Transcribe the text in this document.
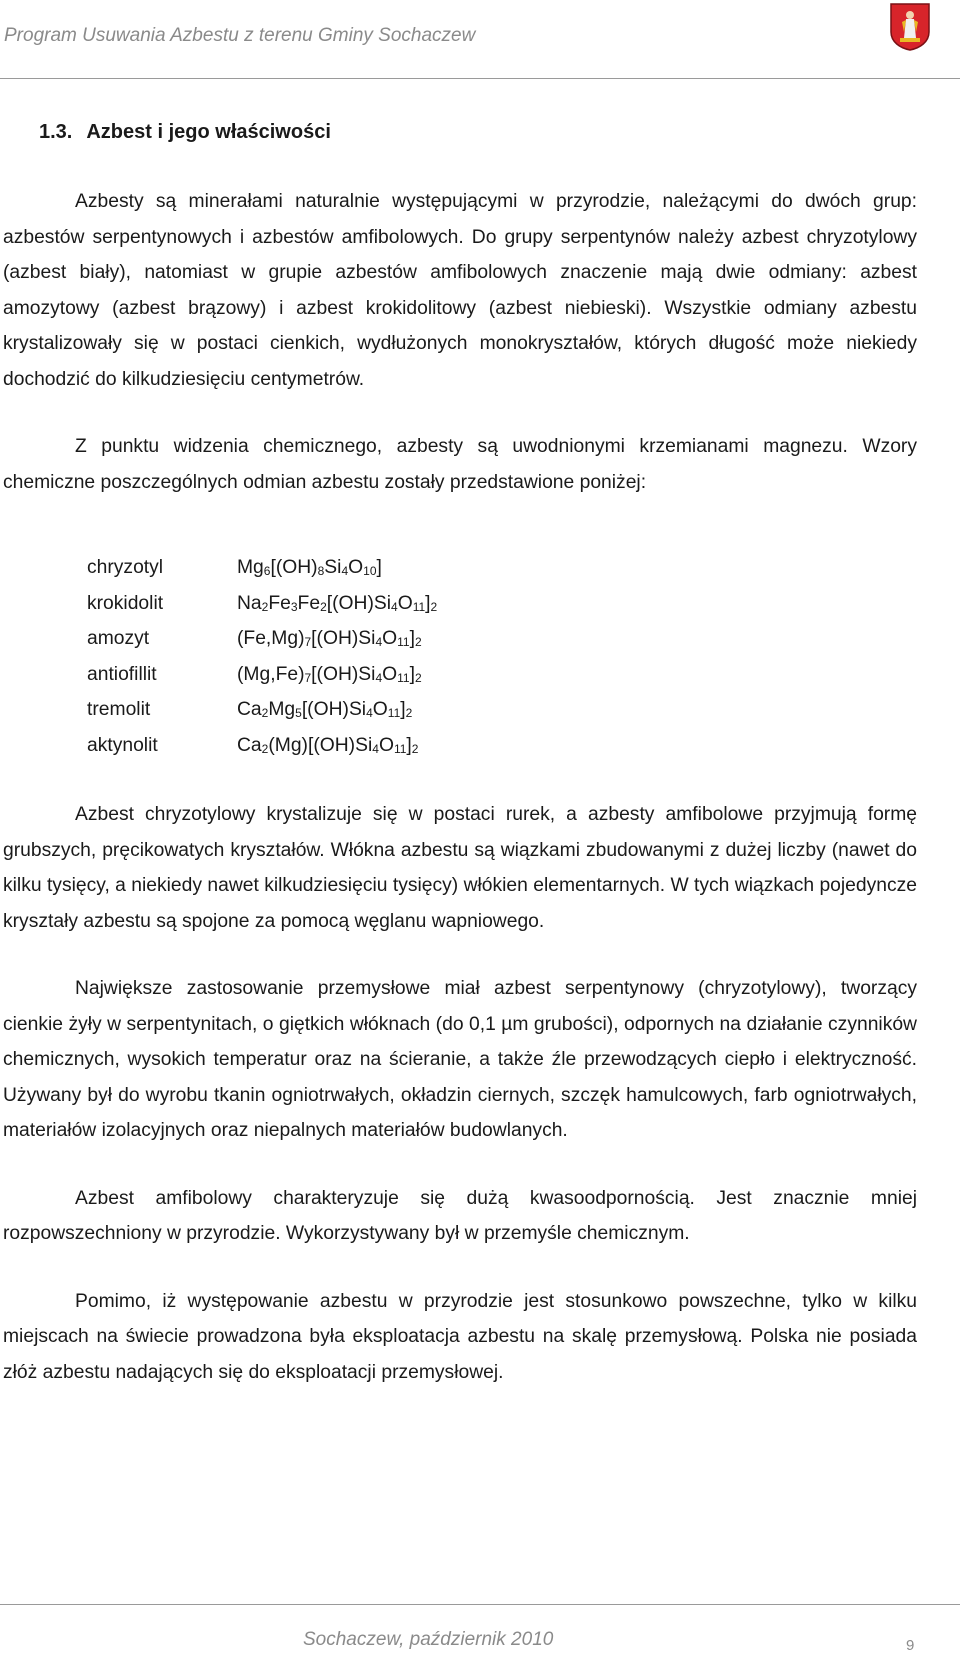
Program Usuwania Azbestu z terenu Gminy Sochaczew
1.3. Azbest i jego właściwości

Azbesty są minerałami naturalnie występującymi w przyrodzie, należącymi do dwóch grup: azbestów serpentynowych i azbestów amfibolowych. Do grupy serpentynów należy azbest chryzotylowy (azbest biały), natomiast w grupie azbestów amfibolowych znaczenie mają dwie odmiany: azbest amozytowy (azbest brązowy) i azbest krokidolitowy (azbest niebieski). Wszystkie odmiany azbestu krystalizowały się w postaci cienkich, wydłużonych monokryształów, których długość może niekiedy dochodzić do kilkudziesięciu centymetrów.

Z punktu widzenia chemicznego, azbesty są uwodnionymi krzemianami magnezu. Wzory chemiczne poszczególnych odmian azbestu zostały przedstawione poniżej:

chryzotyl	$Mg_6[(OH)_8Si_4O_{10}]$
krokidolit	$Na_2Fe_3Fe_2[(OH)Si_4O_{11}]_2$
amozyt	$(Fe,Mg)_7[(OH)Si_4O_{11}]_2$
antiofillit	$(Mg,Fe)_7[(OH)Si_4O_{11}]_2$
tremolit	$Ca_2Mg_5[(OH)Si_4O_{11}]_2$
aktynolit	$Ca_2(Mg)[(OH)Si_4O_{11}]_2$

Azbest chryzotylowy krystalizuje się w postaci rurek, a azbesty amfibolowe przyjmują formę grubszych, pręcikowatych kryształów. Włókna azbestu są wiązkami zbudowanymi z dużej liczby (nawet do kilku tysięcy, a niekiedy nawet kilkudziesięciu tysięcy) włókien elementarnych. W tych wiązkach pojedyncze kryształy azbestu są spojone za pomocą węglanu wapniowego.

Największe zastosowanie przemysłowe miał azbest serpentynowy (chryzotylowy), tworzący cienkie żyły w serpentynitach, o giętkich włóknach (do 0,1 µm grubości), odpornych na działanie czynników chemicznych, wysokich temperatur oraz na ścieranie, a także źle przewodzących ciepło i elektryczność. Używany był do wyrobu tkanin ogniotrwałych, okładzin ciernych, szczęk hamulcowych, farb ogniotrwałych, materiałów izolacyjnych oraz niepalnych materiałów budowlanych.

Azbest amfibolowy charakteryzuje się dużą kwasoodpornością. Jest znacznie mniej rozpowszechniony w przyrodzie. Wykorzystywany był w przemyśle chemicznym.

Pomimo, iż występowanie azbestu w przyrodzie jest stosunkowo powszechne, tylko w kilku miejscach na świecie prowadzona była eksploatacja azbestu na skalę przemysłową. Polska nie posiada złóż azbestu nadających się do eksploatacji przemysłowej.

Sochaczew, październik 2010	9
